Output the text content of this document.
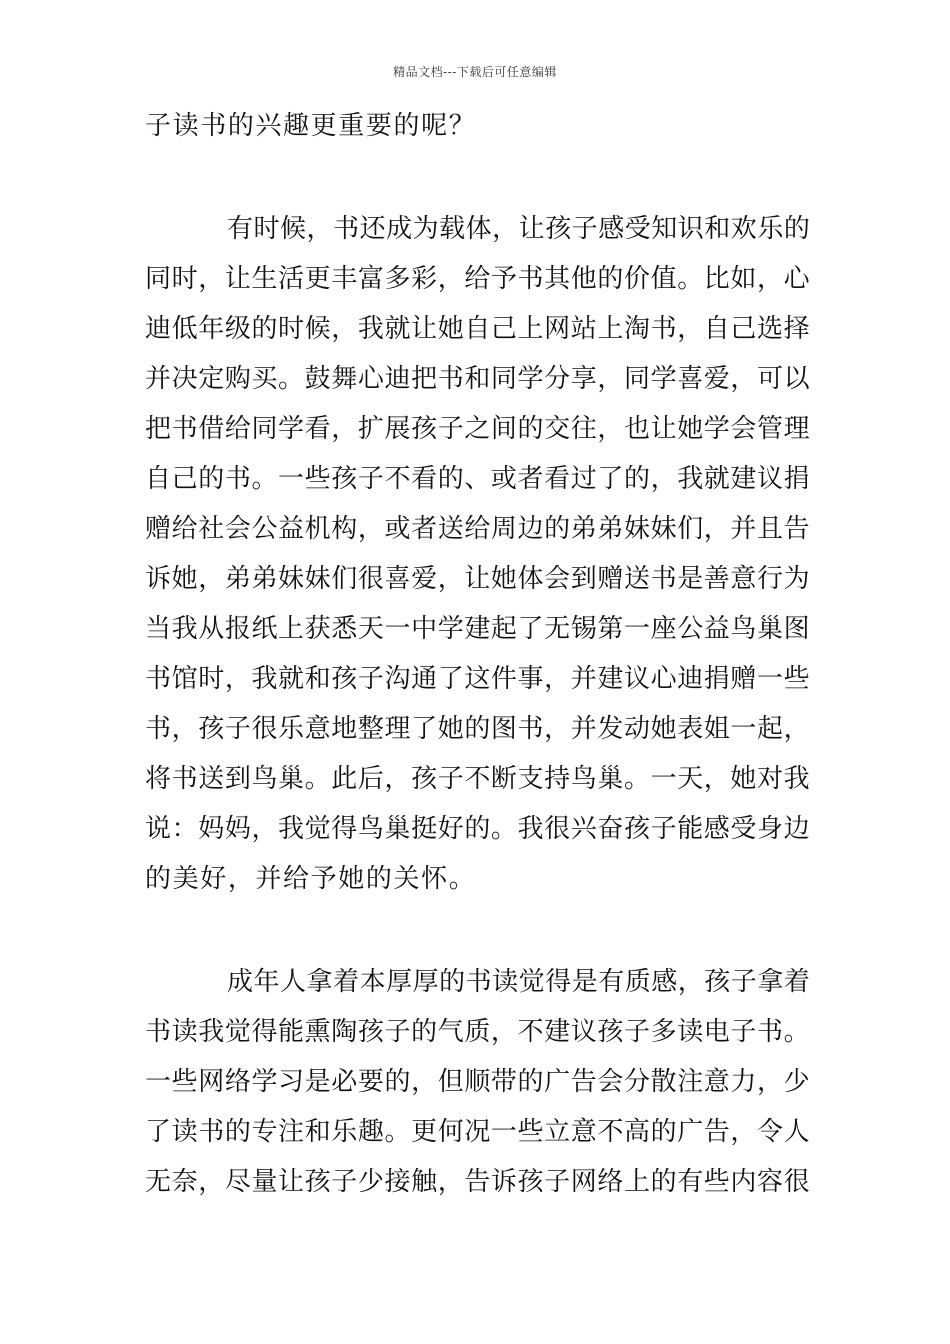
精品文档---下载后可任意编辑
子 读 书 的 兴 趣 更 重 要 的 呢 ？
有 时 候 ， 书 还 成 为 载 体 ， 让 孩 子 感 受 知 识 和 欢 乐 的
同 时 ， 让 生 活 更 丰 富 多 彩 ， 给 予 书 其 他 的 价 值 。 比 如 ， 心
迪 低 年 级 的 时 候 ， 我 就 让 她 自 己 上 网 站 上 淘 书 ， 自 己 选 择
并 决 定 购 买 。 鼓 舞 心 迪 把 书 和 同 学 分 享 ， 同 学 喜 爱 ， 可 以
把 书 借 给 同 学 看 ， 扩 展 孩 子 之 间 的 交 往 ， 也 让 她 学 会 管 理
自 己 的 书 。 一 些 孩 子 不 看 的 、 或 者 看 过 了 的 ， 我 就 建 议 捐
赠 给 社 会 公 益 机 构 ， 或 者 送 给 周 边 的 弟 弟 妹 妹 们 ， 并 且 告
诉 她 ， 弟 弟 妹 妹 们 很 喜 爱 ， 让 她 体 会 到 赠 送 书 是 善 意 行 为
当 我 从 报 纸 上 获 悉 天 一 中 学 建 起 了 无 锡 第 一 座 公 益 鸟 巢 图
书 馆 时 ， 我 就 和 孩 子 沟 通 了 这 件 事 ， 并 建 议 心 迪 捐 赠 一 些
书 ， 孩 子 很 乐 意 地 整 理 了 她 的 图 书 ， 并 发 动 她 表 姐 一 起 ，
将 书 送 到 鸟 巢 。 此 后 ， 孩 子 不 断 支 持 鸟 巢 。 一 天 ， 她 对 我
说 ： 妈 妈 ， 我 觉 得 鸟 巢 挺 好 的 。 我 很 兴 奋 孩 子 能 感 受 身 边
的 美 好 ， 并 给 予 她 的 关 怀 。
成 年 人 拿 着 本 厚 厚 的 书 读 觉 得 是 有 质 感 ， 孩 子 拿 着
书 读 我 觉 得 能 熏 陶 孩 子 的 气 质 ， 不 建 议 孩 子 多 读 电 子 书 。
一 些 网 络 学 习 是 必 要 的 ， 但 顺 带 的 广 告 会 分 散 注 意 力 ， 少
了 读 书 的 专 注 和 乐 趣 。 更 何 况 一 些 立 意 不 高 的 广 告 ， 令 人
无 奈 ， 尽 量 让 孩 子 少 接 触 ， 告 诉 孩 子 网 络 上 的 有 些 内 容 很
